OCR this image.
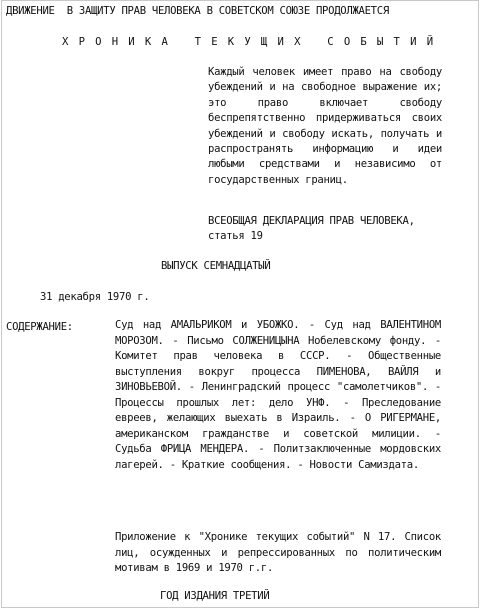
ДВИЖЕНИЕ  В ЗАЩИТУ ПРАВ ЧЕЛОВЕКА В СОВЕТСКОМ СОЮЗЕ ПРОДОЛЖАЕТСЯ
ХРОНИКА ТЕКУЩИХ СОБЫТИЙ
Каждый человек имеет право на свободу убеждений и на свободное выражение их; это право включает свободу беспрепятственно придерживаться своих убеждений и свободу искать, получать и распространять информацию и идеи любыми средствами и независимо от государственных границ.
ВСЕОБЩАЯ ДЕКЛАРАЦИЯ ПРАВ ЧЕЛОВЕКА,
статья 19
ВЫПУСК СЕМНАДЦАТЫЙ
31 декабря 1970 г.
СОДЕРЖАНИЕ:	Суд над АМАЛЬРИКОМ и УБОЖКО. - Суд над ВАЛЕНТИНОМ МОРОЗОМ. - Письмо СОЛЖЕНИЦЫНА Нобелевскому фонду. - Комитет прав человека в СССР. - Общественные выступления вокруг процесса ПИМЕНОВА, ВАЙЛЯ и ЗИНОВЬЕВОЙ. - Ленинградский процесс "самолетчиков". - Процессы прошлых лет: дело УНФ. - Преследование евреев, желающих выехать в Израиль. - О РИГЕРМАНЕ, американском гражданстве и советской милиции. - Судьба ФРИЦА МЕНДЕРА. - Политзаключенные мордовских лагерей. - Краткие сообщения. - Новости Самиздата.
Приложение к "Хронике текущих событий" N 17. Список лиц, осужденных и репрессированных по политическим мотивам в 1969 и 1970 г.г.
ГОД ИЗДАНИЯ ТРЕТИЙ
